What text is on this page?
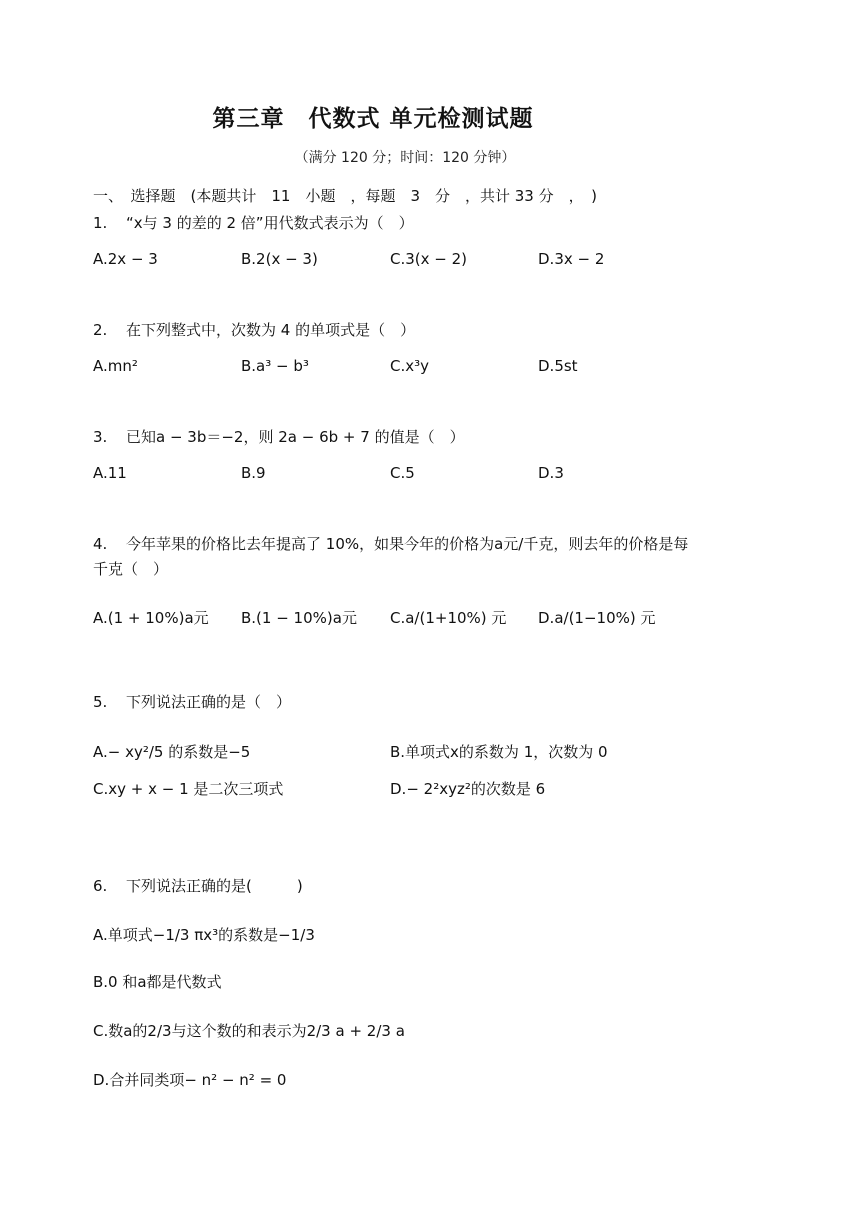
第三章　代数式 单元检测试题
（满分 120 分；时间：120 分钟）
一、　选择题　(本题共计　11　小题　，每题　3　分　，共计 33 分　，　)
1. “x与 3 的差的 2 倍”用代数式表示为（　）
A.2x − 3	B.2(x − 3)	C.3(x − 2)	D.3x − 2
2. 在下列整式中，次数为 4 的单项式是（　）
A.mn²	B.a³ − b³	C.x³y	D.5st
3. 已知a − 3b＝−2，则 2a − 6b + 7 的值是（　）
A.11	B.9	C.5	D.3
4. 今年苹果的价格比去年提高了 10%，如果今年的价格为a元/千克，则去年的价格是每
千克（　）
A.(1 + 10%)a元 B.(1 − 10%)a元 C.a/(1+10%) 元 D.a/(1−10%) 元
5. 下列说法正确的是（　）
A.− xy²/5 的系数是−5	B.单项式x的系数为 1，次数为 0
C.xy + x − 1 是二次三项式	D.− 2²xyz²的次数是 6
6. 下列说法正确的是(　　　)
A.单项式−1/3 πx³的系数是−1/3
B.0 和a都是代数式
C.数a的2/3与这个数的和表示为2/3 a + 2/3 a
D.合并同类项− n² − n² = 0
